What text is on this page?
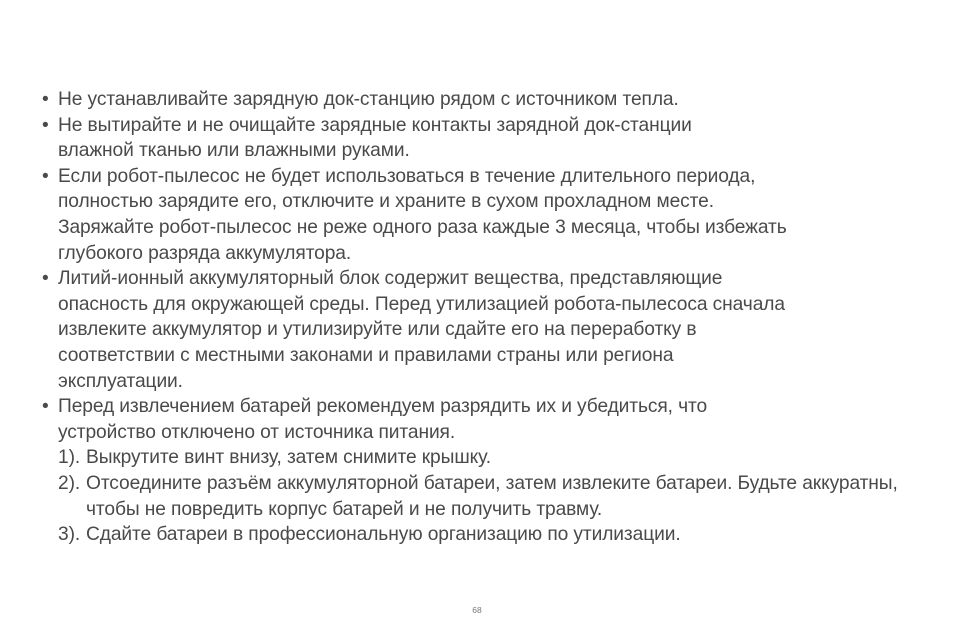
• Не устанавливайте зарядную док-станцию рядом с источником тепла.
• Не вытирайте и не очищайте зарядные контакты зарядной док-станции
влажной тканью или влажными руками.
• Если робот-пылесос не будет использоваться в течение длительного периода,
полностью зарядите его, отключите и храните в сухом прохладном месте.
Заряжайте робот-пылесос не реже одного раза каждые 3 месяца, чтобы избежать
глубокого разряда аккумулятора.
• Литий-ионный аккумуляторный блок содержит вещества, представляющие
опасность для окружающей среды. Перед утилизацией робота-пылесоса сначала
извлеките аккумулятор и утилизируйте или сдайте его на переработку в
соответствии с местными законами и правилами страны или региона
эксплуатации.
• Перед извлечением батарей рекомендуем разрядить их и убедиться, что
устройство отключено от источника питания.
1). Выкрутите винт внизу, затем снимите крышку.
2). Отсоедините разъём аккумуляторной батареи, затем извлеките батареи. Будьте аккуратны, чтобы не повредить корпус батарей и не получить травму.
3). Сдайте батареи в профессиональную организацию по утилизации.
68
